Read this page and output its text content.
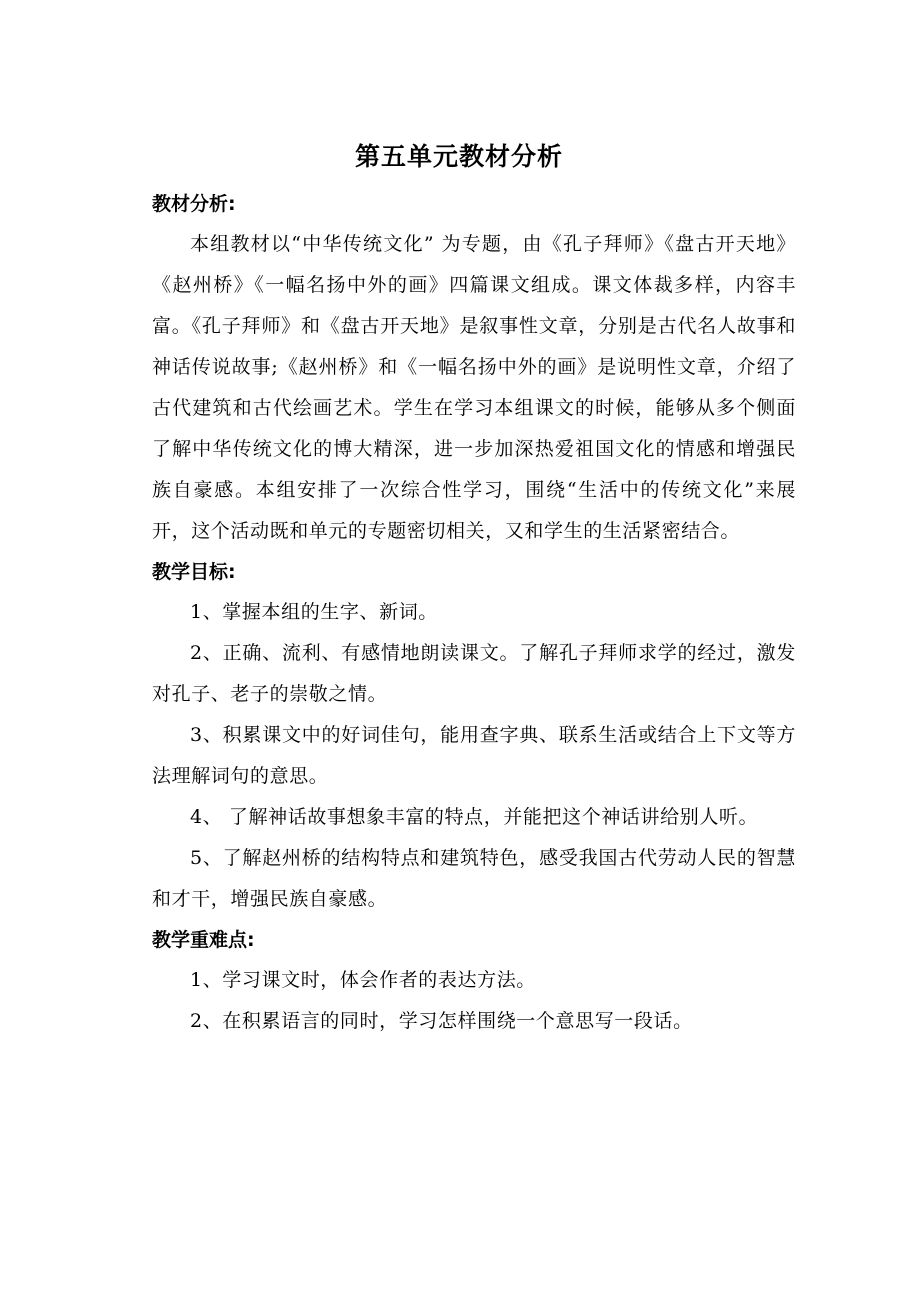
第五单元教材分析
教材分析:

本组教材以“中华传统文化” 为专题，由《孔子拜师》《盘古开天地》《赵州桥》《一幅名扬中外的画》四篇课文组成。课文体裁多样，内容丰富。《孔子拜师》和《盘古开天地》是叙事性文章，分别是古代名人故事和神话传说故事;《赵州桥》和《一幅名扬中外的画》是说明性文章，介绍了古代建筑和古代绘画艺术。学生在学习本组课文的时候，能够从多个侧面了解中华传统文化的博大精深，进一步加深热爱祖国文化的情感和增强民族自豪感。本组安排了一次综合性学习，围绕“生活中的传统文化”来展开，这个活动既和单元的专题密切相关，又和学生的生活紧密结合。

教学目标:

1、掌握本组的生字、新词。

2、正确、流利、有感情地朗读课文。了解孔子拜师求学的经过，激发对孔子、老子的崇敬之情。

3、积累课文中的好词佳句，能用查字典、联系生活或结合上下文等方法理解词句的意思。

4、 了解神话故事想象丰富的特点，并能把这个神话讲给别人听。

5、了解赵州桥的结构特点和建筑特色，感受我国古代劳动人民的智慧和才干，增强民族自豪感。

教学重难点:

1、学习课文时，体会作者的表达方法。

2、在积累语言的同时，学习怎样围绕一个意思写一段话。
